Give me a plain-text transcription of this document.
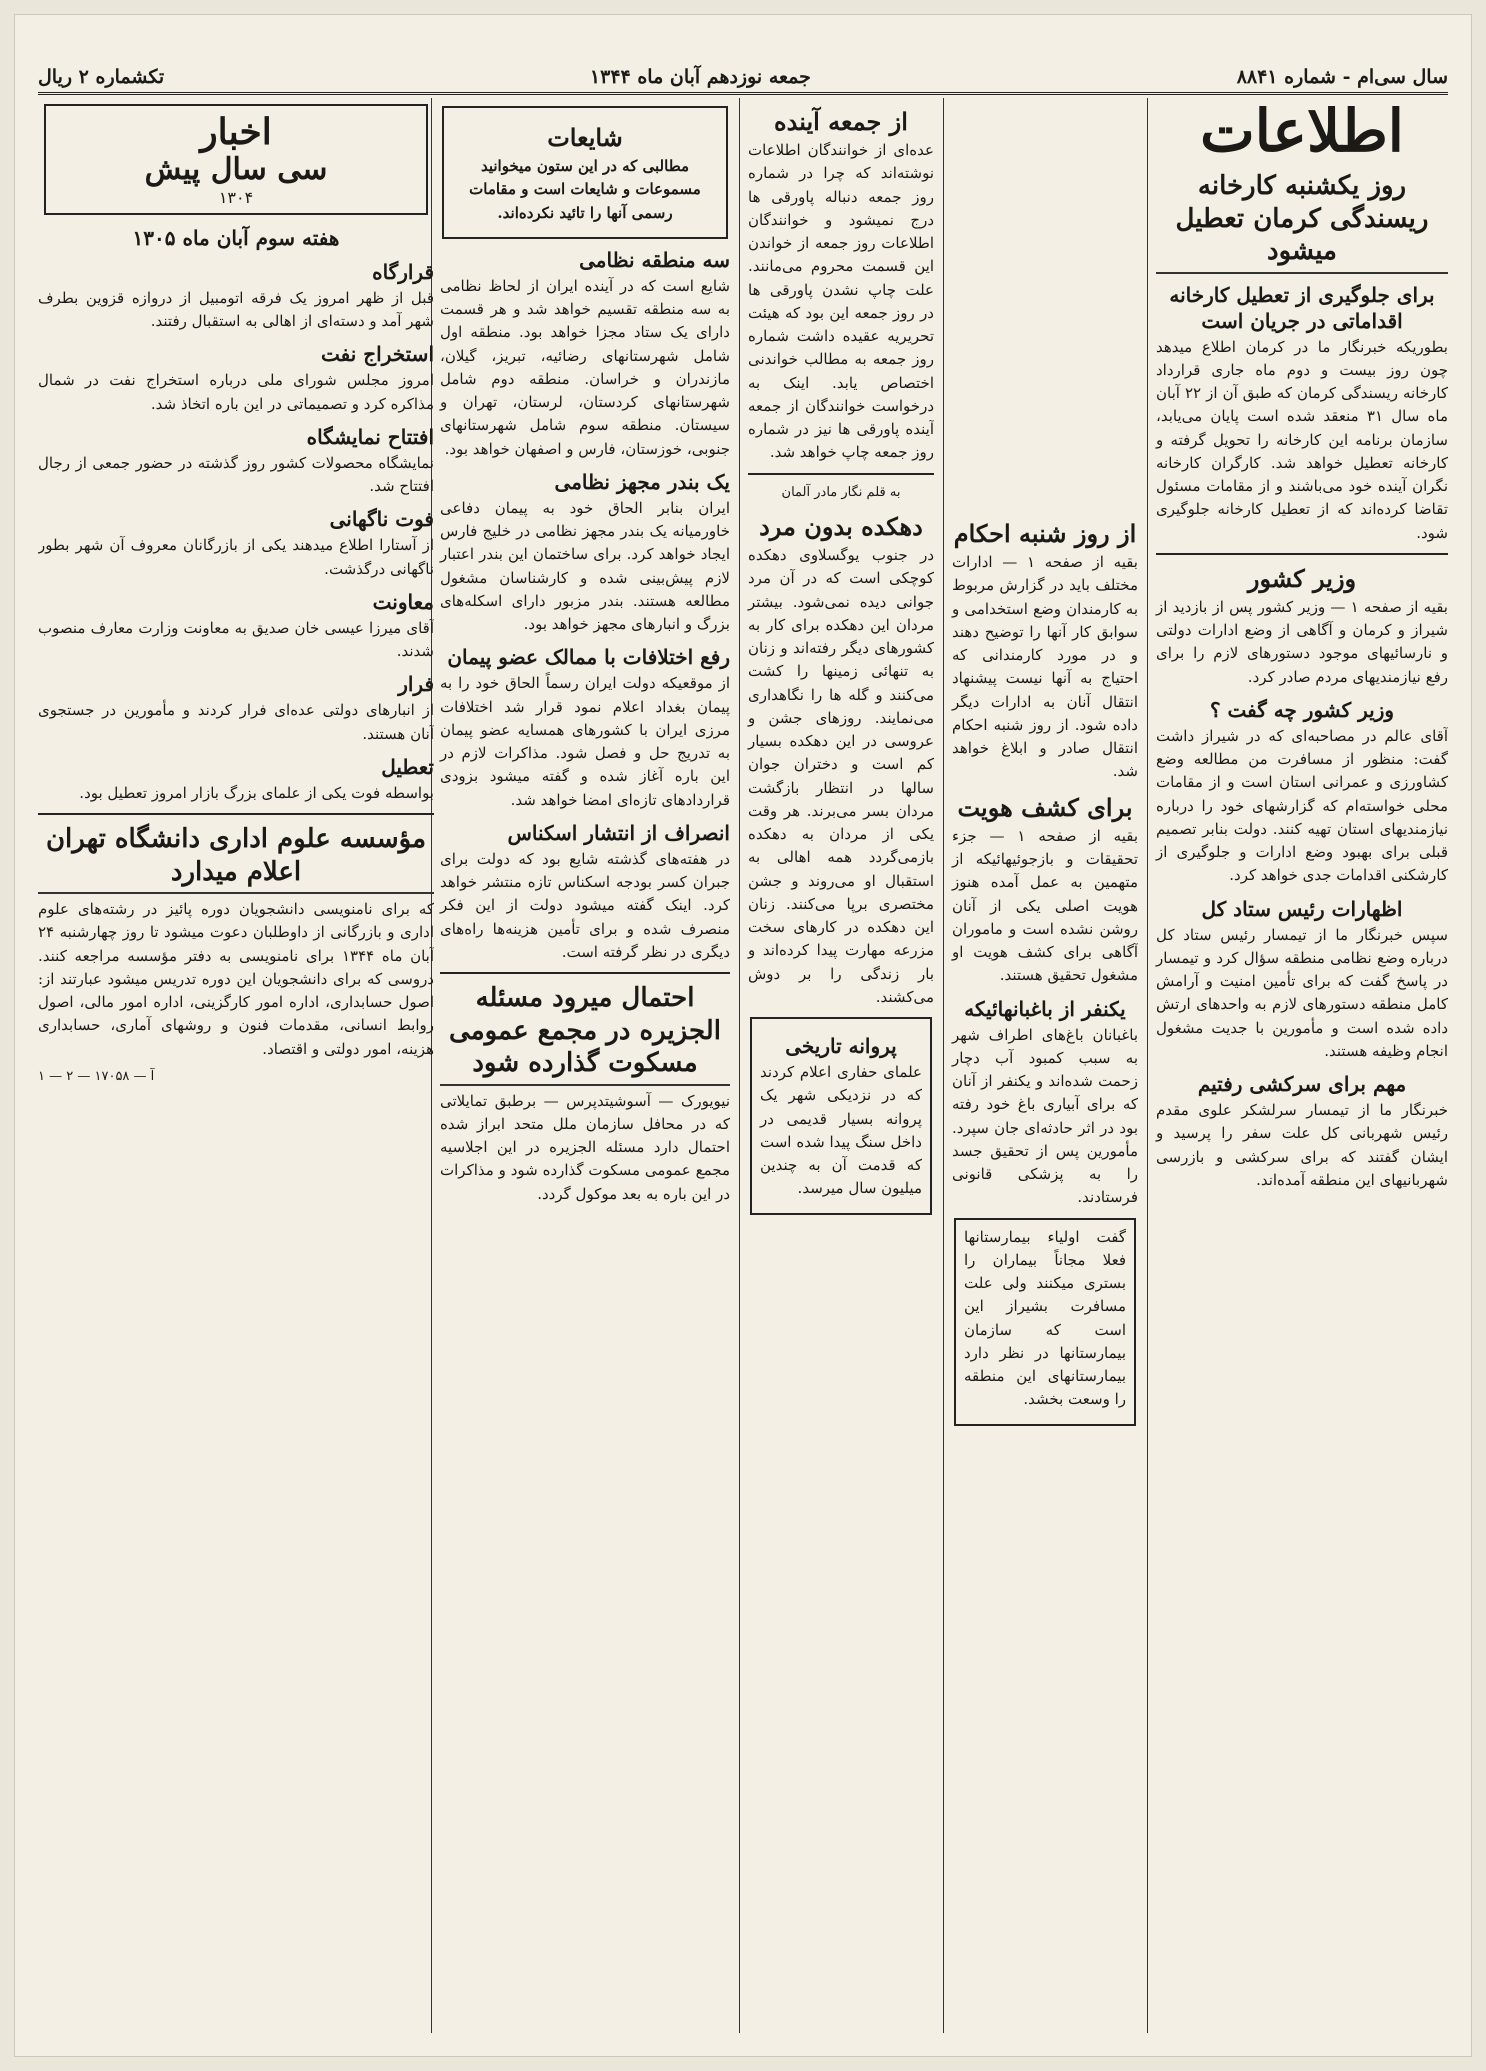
سال سی‌ام - شماره ۸۸۴۱
جمعه نوزدهم آبان ماه ۱۳۴۴
تکشماره ۲ ریال
اطلاعات
روز یکشنبه کارخانه ریسندگی کرمان تعطیل میشود
برای جلوگیری از تعطیل کارخانه اقداماتی در جریان است

بطوریکه خبرنگار ما در کرمان اطلاع میدهد چون روز بیست و دوم ماه جاری قرارداد کارخانه ریسندگی کرمان که طبق آن از ۲۲ آبان ماه سال ۳۱ منعقد شده است پایان می‌یابد، سازمان برنامه این کارخانه را تحویل گرفته و کارخانه تعطیل خواهد شد. کارگران کارخانه نگران آینده خود می‌باشند و از مقامات مسئول تقاضا کرده‌اند که از تعطیل کارخانه جلوگیری شود.

وزیر کشور

بقیه از صفحه ۱ — وزیر کشور پس از بازدید از شیراز و کرمان و آگاهی از وضع ادارات دولتی و نارسائیهای موجود دستورهای لازم را برای رفع نیازمندیهای مردم صادر کرد.

وزیر کشور چه گفت ؟

آقای عالم در مصاحبه‌ای که در شیراز داشت گفت: منظور از مسافرت من مطالعه وضع کشاورزی و عمرانی استان است و از مقامات محلی خواسته‌ام که گزارشهای خود را درباره نیازمندیهای استان تهیه کنند. دولت بنابر تصمیم قبلی برای بهبود وضع ادارات و جلوگیری از کارشکنی اقدامات جدی خواهد کرد.

اظهارات رئیس ستاد کل

سپس خبرنگار ما از تیمسار رئیس ستاد کل درباره وضع نظامی منطقه سؤال کرد و تیمسار در پاسخ گفت که برای تأمین امنیت و آرامش کامل منطقه دستورهای لازم به واحدهای ارتش داده شده است و مأمورین با جدیت مشغول انجام وظیفه هستند.

مهم برای سرکشی رفتیم

خبرنگار ما از تیمسار سرلشکر علوی مقدم رئیس شهربانی کل علت سفر را پرسید و ایشان گفتند که برای سرکشی و بازرسی شهربانیهای این منطقه آمده‌اند.

از روز شنبه احکام

بقیه از صفحه ۱ — ادارات مختلف باید در گزارش مربوط به کارمندان وضع استخدامی و سوابق کار آنها را توضیح دهند و در مورد کارمندانی که احتیاج به آنها نیست پیشنهاد انتقال آنان به ادارات دیگر داده شود. از روز شنبه احکام انتقال صادر و ابلاغ خواهد شد.

برای کشف هویت

بقیه از صفحه ۱ — جزء تحقیقات و بازجوئیهائیکه از متهمین به عمل آمده هنوز هویت اصلی یکی از آنان روشن نشده است و ماموران آگاهی برای کشف هویت او مشغول تحقیق هستند.

یکنفر از باغبانهائیکه

باغبانان باغ‌های اطراف شهر به سبب کمبود آب دچار زحمت شده‌اند و یکنفر از آنان که برای آبیاری باغ خود رفته بود در اثر حادثه‌ای جان سپرد. مأمورین پس از تحقیق جسد را به پزشکی قانونی فرستادند.

گفت اولیاء بیمارستانها فعلا مجاناً بیماران را بستری میکنند ولی علت مسافرت بشیراز این است که سازمان بیمارستانها در نظر دارد بیمارستانهای این منطقه را وسعت بخشد.

از جمعه آینده

عده‌ای از خوانندگان اطلاعات نوشته‌اند که چرا در شماره روز جمعه دنباله پاورقی ها درج نمیشود و خوانندگان اطلاعات روز جمعه از خواندن این قسمت محروم می‌مانند. علت چاپ نشدن پاورقی ها در روز جمعه این بود که هیئت تحریریه عقیده داشت شماره روز جمعه به مطالب خواندنی اختصاص یابد. اینک به درخواست خوانندگان از جمعه آینده پاورقی ها نیز در شماره روز جمعه چاپ خواهد شد.

به قلم نگار مادر آلمان

دهکده بدون مرد

در جنوب یوگسلاوی دهکده کوچکی است که در آن مرد جوانی دیده نمی‌شود. بیشتر مردان این دهکده برای کار به کشورهای دیگر رفته‌اند و زنان به تنهائی زمینها را کشت می‌کنند و گله ها را نگاهداری می‌نمایند. روزهای جشن و عروسی در این دهکده بسیار کم است و دختران جوان سالها در انتظار بازگشت مردان بسر می‌برند. هر وقت یکی از مردان به دهکده بازمی‌گردد همه اهالی به استقبال او می‌روند و جشن مختصری برپا می‌کنند. زنان این دهکده در کارهای سخت مزرعه مهارت پیدا کرده‌اند و بار زندگی را بر دوش می‌کشند.

پروانه تاریخی

علمای حفاری اعلام کردند که در نزدیکی شهر یک پروانه بسیار قدیمی در داخل سنگ پیدا شده است که قدمت آن به چندین میلیون سال میرسد.

شایعات

مطالبی که در این ستون میخوانید مسموعات و شایعات است و مقامات رسمی آنها را تائید نکرده‌اند.

سه منطقه نظامی

شایع است که در آینده ایران از لحاظ نظامی به سه منطقه تقسیم خواهد شد و هر قسمت دارای یک ستاد مجزا خواهد بود. منطقه اول شامل شهرستانهای رضائیه، تبریز، گیلان، مازندران و خراسان. منطقه دوم شامل شهرستانهای کردستان، لرستان، تهران و سیستان. منطقه سوم شامل شهرستانهای جنوبی، خوزستان، فارس و اصفهان خواهد بود.

یک بندر مجهز نظامی

ایران بنابر الحاق خود به پیمان دفاعی خاورمیانه یک بندر مجهز نظامی در خلیج فارس ایجاد خواهد کرد. برای ساختمان این بندر اعتبار لازم پیش‌بینی شده و کارشناسان مشغول مطالعه هستند. بندر مزبور دارای اسکله‌های بزرگ و انبارهای مجهز خواهد بود.

رفع اختلافات با ممالک عضو پیمان

از موقعیکه دولت ایران رسماً الحاق خود را به پیمان بغداد اعلام نمود قرار شد اختلافات مرزی ایران با کشورهای همسایه عضو پیمان به تدریج حل و فصل شود. مذاکرات لازم در این باره آغاز شده و گفته میشود بزودی قراردادهای تازه‌ای امضا خواهد شد.

انصراف از انتشار اسکناس

در هفته‌های گذشته شایع بود که دولت برای جبران کسر بودجه اسکناس تازه منتشر خواهد کرد. اینک گفته میشود دولت از این فکر منصرف شده و برای تأمین هزینه‌ها راه‌های دیگری در نظر گرفته است.

احتمال میرود مسئله الجزیره در مجمع عمومی مسکوت گذارده شود

نیویورک — آسوشیتدپرس — برطبق تمایلاتی که در محافل سازمان ملل متحد ابراز شده احتمال دارد مسئله الجزیره در این اجلاسیه مجمع عمومی مسکوت گذارده شود و مذاکرات در این باره به بعد موکول گردد.

اخبار
سی سال پیش
۱۳۰۴
هفته سوم آبان ماه ۱۳۰۵
قرارگاه

قبل از ظهر امروز یک فرقه اتومبیل از دروازه قزوین بطرف شهر آمد و دسته‌ای از اهالی به استقبال رفتند.

استخراج نفت

امروز مجلس شورای ملی درباره استخراج نفت در شمال مذاکره کرد و تصمیماتی در این باره اتخاذ شد.

افتتاح نمایشگاه

نمایشگاه محصولات کشور روز گذشته در حضور جمعی از رجال افتتاح شد.

فوت ناگهانی

از آستارا اطلاع میدهند یکی از بازرگانان معروف آن شهر بطور ناگهانی درگذشت.

معاونت

آقای میرزا عیسی خان صدیق به معاونت وزارت معارف منصوب شدند.

فرار

از انبارهای دولتی عده‌ای فرار کردند و مأمورین در جستجوی آنان هستند.

تعطیل

بواسطه فوت یکی از علمای بزرگ بازار امروز تعطیل بود.

مؤسسه علوم اداری دانشگاه تهران اعلام میدارد

که برای نامنویسی دانشجویان دوره پائیز در رشته‌های علوم اداری و بازرگانی از داوطلبان دعوت میشود تا روز چهارشنبه ۲۴ آبان ماه ۱۳۴۴ برای نامنویسی به دفتر مؤسسه مراجعه کنند. دروسی که برای دانشجویان این دوره تدریس میشود عبارتند از: اصول حسابداری، اداره امور کارگزینی، اداره امور مالی، اصول روابط انسانی، مقدمات فنون و روشهای آماری، حسابداری هزینه، امور دولتی و اقتصاد.

آ — ۱۷۰۵۸ — ۲ — ۱
